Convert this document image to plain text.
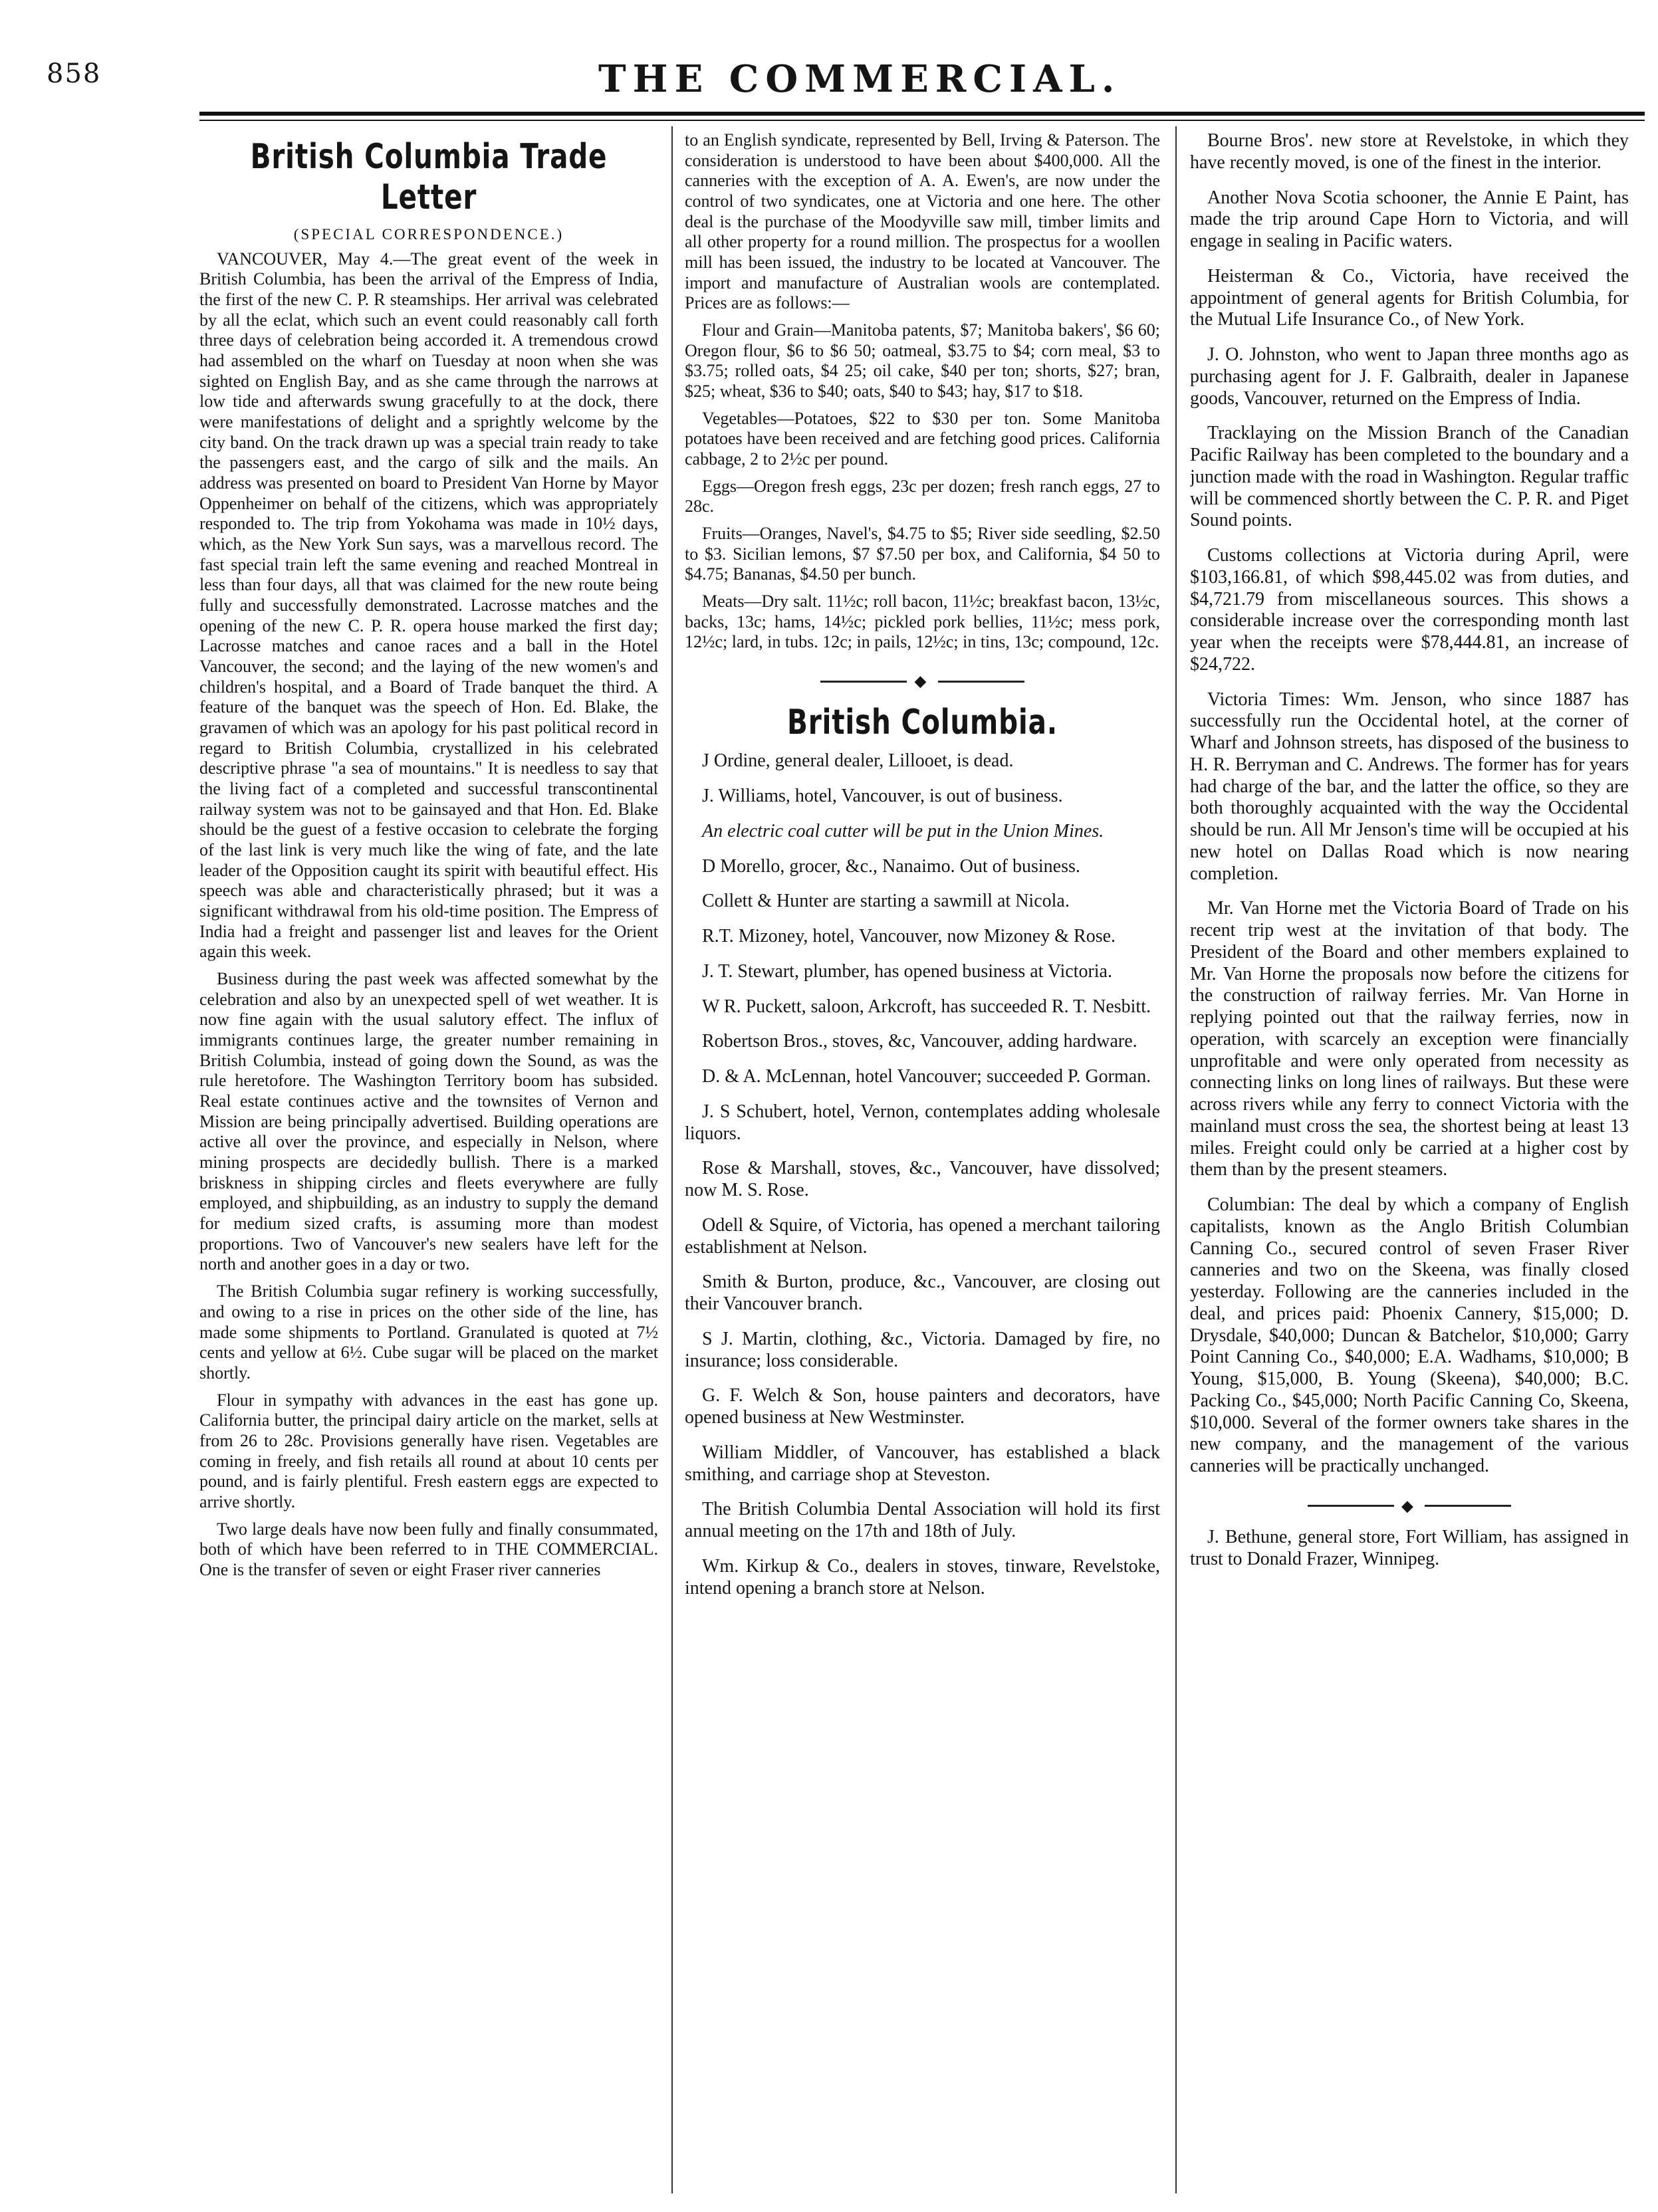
858	THE COMMERCIAL.
British Columbia Trade Letter
(SPECIAL CORRESPONDENCE.)

VANCOUVER, May 4.—The great event of the week in British Columbia, has been the arrival of the Empress of India, the first of the new C. P. R steamships. Her arrival was celebrated by all the eclat, which such an event could reasonably call forth three days of celebration being accorded it. A tremendous crowd had assembled on the wharf on Tuesday at noon when she was sighted on English Bay, and as she came through the narrows at low tide and afterwards swung gracefully to at the dock, there were manifestations of delight and a sprightly welcome by the city band. On the track drawn up was a special train ready to take the passengers east, and the cargo of silk and the mails. An address was presented on board to President Van Horne by Mayor Oppenheimer on behalf of the citizens, which was appropriately responded to. The trip from Yokohama was made in 10½ days, which, as the New York Sun says, was a marvellous record. The fast special train left the same evening and reached Montreal in less than four days, all that was claimed for the new route being fully and successfully demonstrated. Lacrosse matches and the opening of the new C. P. R. opera house marked the first day; Lacrosse matches and canoe races and a ball in the Hotel Vancouver, the second; and the laying of the new women's and children's hospital, and a Board of Trade banquet the third. A feature of the banquet was the speech of Hon. Ed. Blake, the gravamen of which was an apology for his past political record in regard to British Columbia, crystallized in his celebrated descriptive phrase "a sea of mountains." It is needless to say that the living fact of a completed and successful transcontinental railway system was not to be gainsayed and that Hon. Ed. Blake should be the guest of a festive occasion to celebrate the forging of the last link is very much like the wing of fate, and the late leader of the Opposition caught its spirit with beautiful effect. His speech was able and characteristically phrased; but it was a significant withdrawal from his old-time position. The Empress of India had a freight and passenger list and leaves for the Orient again this week.

Business during the past week was affected somewhat by the celebration and also by an unexpected spell of wet weather. It is now fine again with the usual salutory effect. The influx of immigrants continues large, the greater number remaining in British Columbia, instead of going down the Sound, as was the rule heretofore. The Washington Territory boom has subsided. Real estate continues active and the townsites of Vernon and Mission are being principally advertised. Building operations are active all over the province, and especially in Nelson, where mining prospects are decidedly bullish. There is a marked briskness in shipping circles and fleets everywhere are fully employed, and shipbuilding, as an industry to supply the demand for medium sized crafts, is assuming more than modest proportions. Two of Vancouver's new sealers have left for the north and another goes in a day or two.

The British Columbia sugar refinery is working successfully, and owing to a rise in prices on the other side of the line, has made some shipments to Portland. Granulated is quoted at 7½ cents and yellow at 6½. Cube sugar will be placed on the market shortly.

Flour in sympathy with advances in the east has gone up. California butter, the principal dairy article on the market, sells at from 26 to 28c. Provisions generally have risen. Vegetables are coming in freely, and fish retails all round at about 10 cents per pound, and is fairly plentiful. Fresh eastern eggs are expected to arrive shortly.

Two large deals have now been fully and finally consummated, both of which have been referred to in THE COMMERCIAL. One is the transfer of seven or eight Fraser river canneries

to an English syndicate, represented by Bell, Irving & Paterson. The consideration is understood to have been about $400,000. All the canneries with the exception of A. A. Ewen's, are now under the control of two syndicates, one at Victoria and one here. The other deal is the purchase of the Moodyville saw mill, timber limits and all other property for a round million. The prospectus for a woollen mill has been issued, the industry to be located at Vancouver. The import and manufacture of Australian wools are contemplated. Prices are as follows:—

Flour and Grain—Manitoba patents, $7; Manitoba bakers', $6 60; Oregon flour, $6 to $6 50; oatmeal, $3.75 to $4; corn meal, $3 to $3.75; rolled oats, $4 25; oil cake, $40 per ton; shorts, $27; bran, $25; wheat, $36 to $40; oats, $40 to $43; hay, $17 to $18.

Vegetables—Potatoes, $22 to $30 per ton. Some Manitoba potatoes have been received and are fetching good prices. California cabbage, 2 to 2½c per pound.

Eggs—Oregon fresh eggs, 23c per dozen; fresh ranch eggs, 27 to 28c.

Fruits—Oranges, Navel's, $4.75 to $5; River side seedling, $2.50 to $3. Sicilian lemons, $7 $7.50 per box, and California, $4 50 to $4.75; Bananas, $4.50 per bunch.

Meats—Dry salt. 11½c; roll bacon, 11½c; breakfast bacon, 13½c, backs, 13c; hams, 14½c; pickled pork bellies, 11½c; mess pork, 12½c; lard, in tubs. 12c; in pails, 12½c; in tins, 13c; compound, 12c.

◆
British Columbia.

J Ordine, general dealer, Lillooet, is dead.

J. Williams, hotel, Vancouver, is out of business.

An electric coal cutter will be put in the Union Mines.

D Morello, grocer, &c., Nanaimo. Out of business.

Collett & Hunter are starting a sawmill at Nicola.

R.T. Mizoney, hotel, Vancouver, now Mizoney & Rose.

J. T. Stewart, plumber, has opened business at Victoria.

W R. Puckett, saloon, Arkcroft, has succeeded R. T. Nesbitt.

Robertson Bros., stoves, &c, Vancouver, adding hardware.

D. & A. McLennan, hotel Vancouver; succeeded P. Gorman.

J. S Schubert, hotel, Vernon, contemplates adding wholesale liquors.

Rose & Marshall, stoves, &c., Vancouver, have dissolved; now M. S. Rose.

Odell & Squire, of Victoria, has opened a merchant tailoring establishment at Nelson.

Smith & Burton, produce, &c., Vancouver, are closing out their Vancouver branch.

S J. Martin, clothing, &c., Victoria. Damaged by fire, no insurance; loss considerable.

G. F. Welch & Son, house painters and decorators, have opened business at New Westminster.

William Middler, of Vancouver, has established a black smithing, and carriage shop at Steveston.

The British Columbia Dental Association will hold its first annual meeting on the 17th and 18th of July.

Wm. Kirkup & Co., dealers in stoves, tinware, Revelstoke, intend opening a branch store at Nelson.

Bourne Bros'. new store at Revelstoke, in which they have recently moved, is one of the finest in the interior.

Another Nova Scotia schooner, the Annie E Paint, has made the trip around Cape Horn to Victoria, and will engage in sealing in Pacific waters.

Heisterman & Co., Victoria, have received the appointment of general agents for British Columbia, for the Mutual Life Insurance Co., of New York.

J. O. Johnston, who went to Japan three months ago as purchasing agent for J. F. Galbraith, dealer in Japanese goods, Vancouver, returned on the Empress of India.

Tracklaying on the Mission Branch of the Canadian Pacific Railway has been completed to the boundary and a junction made with the road in Washington. Regular traffic will be commenced shortly between the C. P. R. and Piget Sound points.

Customs collections at Victoria during April, were $103,166.81, of which $98,445.02 was from duties, and $4,721.79 from miscellaneous sources. This shows a considerable increase over the corresponding month last year when the receipts were $78,444.81, an increase of $24,722.

Victoria Times: Wm. Jenson, who since 1887 has successfully run the Occidental hotel, at the corner of Wharf and Johnson streets, has disposed of the business to H. R. Berryman and C. Andrews. The former has for years had charge of the bar, and the latter the office, so they are both thoroughly acquainted with the way the Occidental should be run. All Mr Jenson's time will be occupied at his new hotel on Dallas Road which is now nearing completion.

Mr. Van Horne met the Victoria Board of Trade on his recent trip west at the invitation of that body. The President of the Board and other members explained to Mr. Van Horne the proposals now before the citizens for the construction of railway ferries. Mr. Van Horne in replying pointed out that the railway ferries, now in operation, with scarcely an exception were financially unprofitable and were only operated from necessity as connecting links on long lines of railways. But these were across rivers while any ferry to connect Victoria with the mainland must cross the sea, the shortest being at least 13 miles. Freight could only be carried at a higher cost by them than by the present steamers.

Columbian: The deal by which a company of English capitalists, known as the Anglo British Columbian Canning Co., secured control of seven Fraser River canneries and two on the Skeena, was finally closed yesterday. Following are the canneries included in the deal, and prices paid: Phoenix Cannery, $15,000; D. Drysdale, $40,000; Duncan & Batchelor, $10,000; Garry Point Canning Co., $40,000; E.A. Wadhams, $10,000; B Young, $15,000, B. Young (Skeena), $40,000; B.C. Packing Co., $45,000; North Pacific Canning Co, Skeena, $10,000. Several of the former owners take shares in the new company, and the management of the various canneries will be practically unchanged.

◆

J. Bethune, general store, Fort William, has assigned in trust to Donald Frazer, Winnipeg.
